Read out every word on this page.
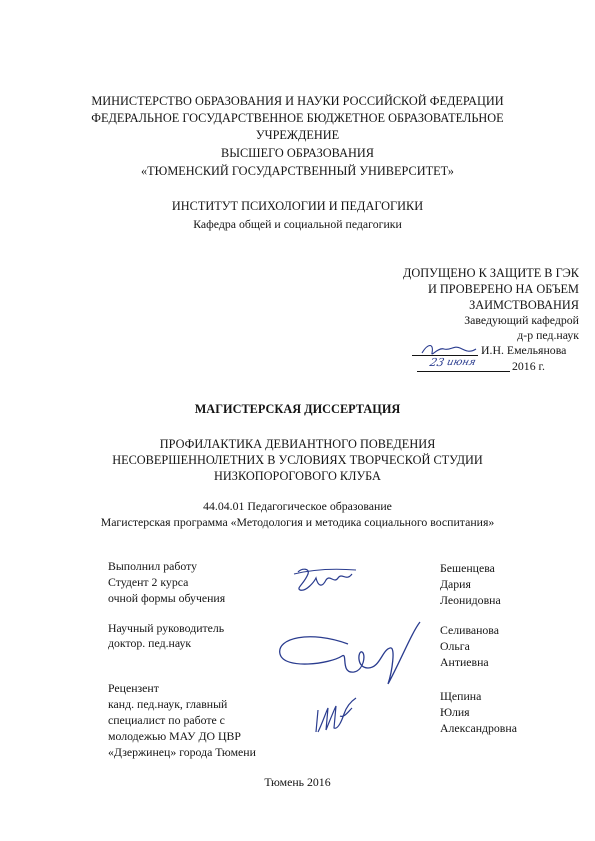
МИНИСТЕРСТВО ОБРАЗОВАНИЯ И НАУКИ РОССИЙСКОЙ ФЕДЕРАЦИИ
ФЕДЕРАЛЬНОЕ ГОСУДАРСТВЕННОЕ БЮДЖЕТНОЕ ОБРАЗОВАТЕЛЬНОЕ
УЧРЕЖДЕНИЕ
ВЫСШЕГО ОБРАЗОВАНИЯ
«ТЮМЕНСКИЙ ГОСУДАРСТВЕННЫЙ УНИВЕРСИТЕТ»
ИНСТИТУТ ПСИХОЛОГИИ И ПЕДАГОГИКИ
Кафедра общей и социальной педагогики
ДОПУЩЕНО К ЗАЩИТЕ В ГЭК
И ПРОВЕРЕНО НА ОБЪЕМ
ЗАИМСТВОВАНИЯ
Заведующий кафедрой
д-р пед.наук
И.Н. Емельянова
23 июня	2016 г.
МАГИСТЕРСКАЯ ДИССЕРТАЦИЯ
ПРОФИЛАКТИКА ДЕВИАНТНОГО ПОВЕДЕНИЯ
НЕСОВЕРШЕННОЛЕТНИХ В УСЛОВИЯХ ТВОРЧЕСКОЙ СТУДИИ
НИЗКОПОРОГОВОГО КЛУБА
44.04.01 Педагогическое образование
Магистерская программа «Методология и методика социального воспитания»
Выполнил работу
Студент 2 курса
очной формы обучения
Бешенцева
Дария
Леонидовна
Научный руководитель
доктор. пед.наук
Селиванова
Ольга
Антиевна
Рецензент
канд. пед.наук, главный
специалист по работе с
молодежью МАУ ДО ЦВР
«Дзержинец» города Тюмени
Щепина
Юлия
Александровна
Тюмень 2016
